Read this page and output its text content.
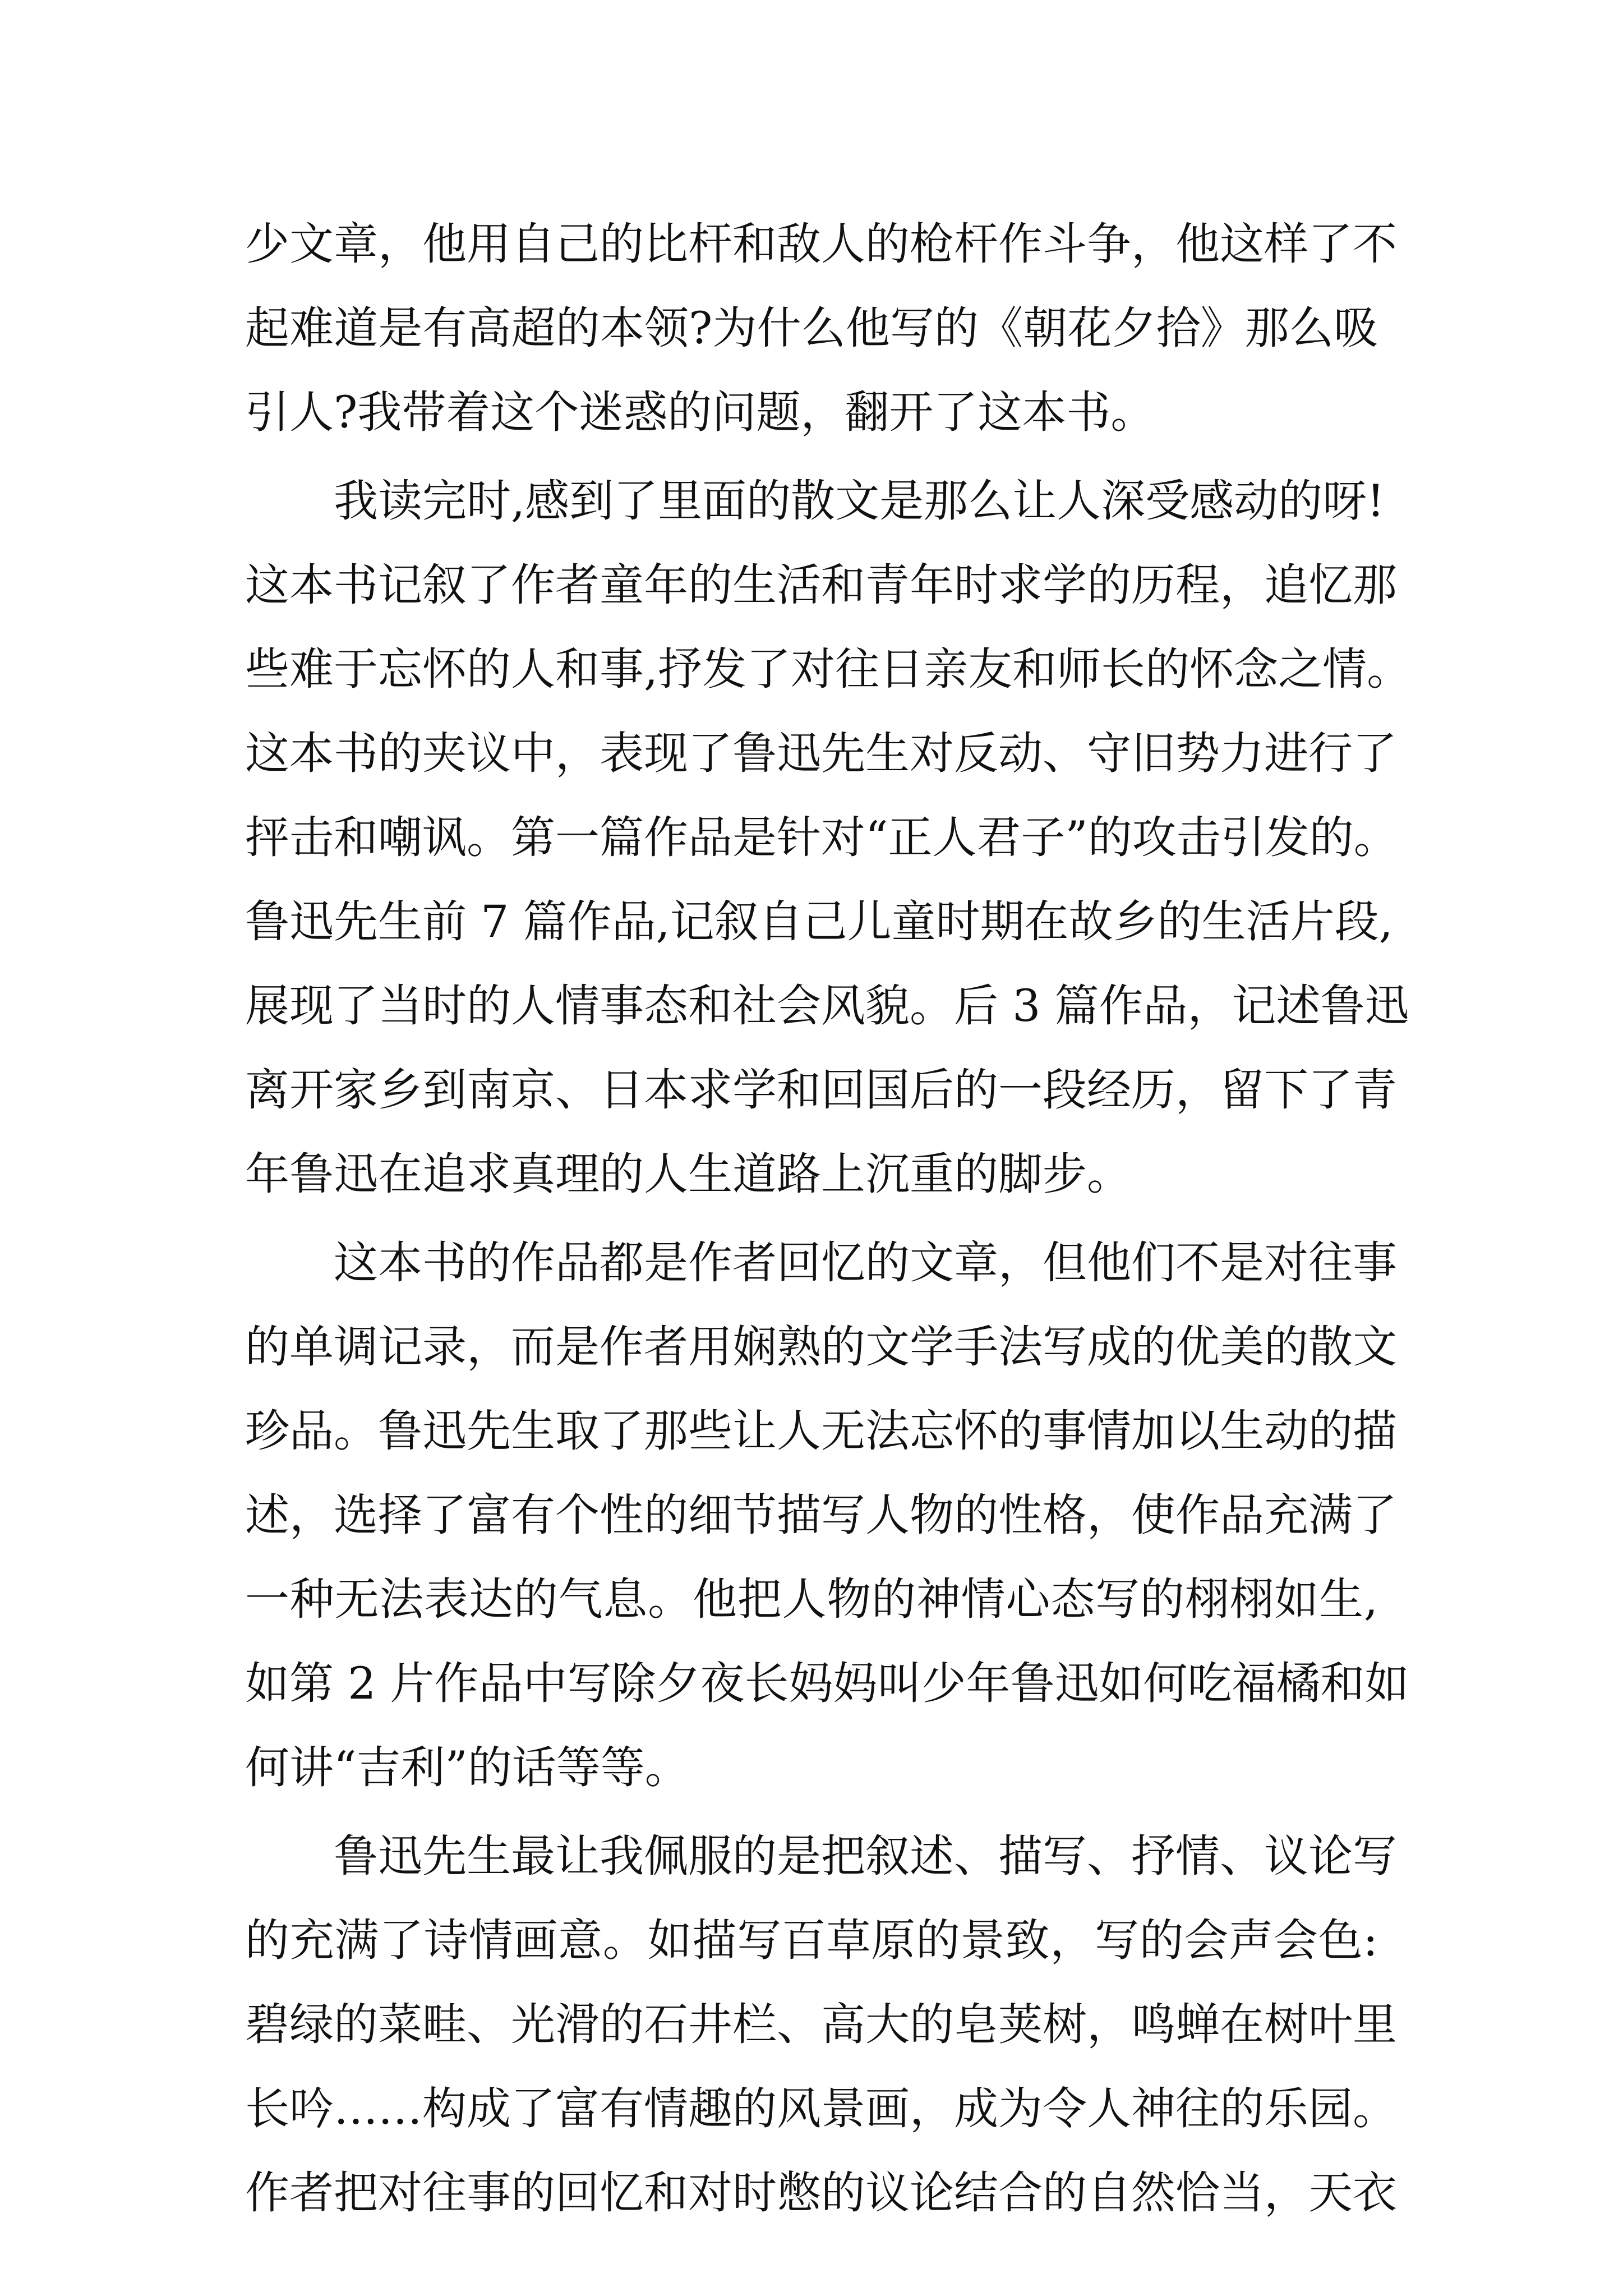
少文章，他用自己的比杆和敌人的枪杆作斗争，他这样了不
起难道是有高超的本领?为什么他写的《朝花夕拾》那么吸
引人?我带着这个迷惑的问题，翻开了这本书。
我读完时,感到了里面的散文是那么让人深受感动的呀!
这本书记叙了作者童年的生活和青年时求学的历程，追忆那
些难于忘怀的人和事,抒发了对往日亲友和师长的怀念之情。
这本书的夹议中，表现了鲁迅先生对反动、守旧势力进行了
抨击和嘲讽。第一篇作品是针对“正人君子”的攻击引发的。
鲁迅先生前 7 篇作品,记叙自己儿童时期在故乡的生活片段,
展现了当时的人情事态和社会风貌。后 3 篇作品，记述鲁迅
离开家乡到南京、日本求学和回国后的一段经历，留下了青
年鲁迅在追求真理的人生道路上沉重的脚步。
这本书的作品都是作者回忆的文章，但他们不是对往事
的单调记录，而是作者用娴熟的文学手法写成的优美的散文
珍品。鲁迅先生取了那些让人无法忘怀的事情加以生动的描
述，选择了富有个性的细节描写人物的性格，使作品充满了
一种无法表达的气息。他把人物的神情心态写的栩栩如生,
如第 2 片作品中写除夕夜长妈妈叫少年鲁迅如何吃福橘和如
何讲“吉利”的话等等。
鲁迅先生最让我佩服的是把叙述、描写、抒情、议论写
的充满了诗情画意。如描写百草原的景致，写的会声会色:
碧绿的菜畦、光滑的石井栏、高大的皂荚树，鸣蝉在树叶里
长吟……构成了富有情趣的风景画，成为令人神往的乐园。
作者把对往事的回忆和对时憋的议论结合的自然恰当，天衣
